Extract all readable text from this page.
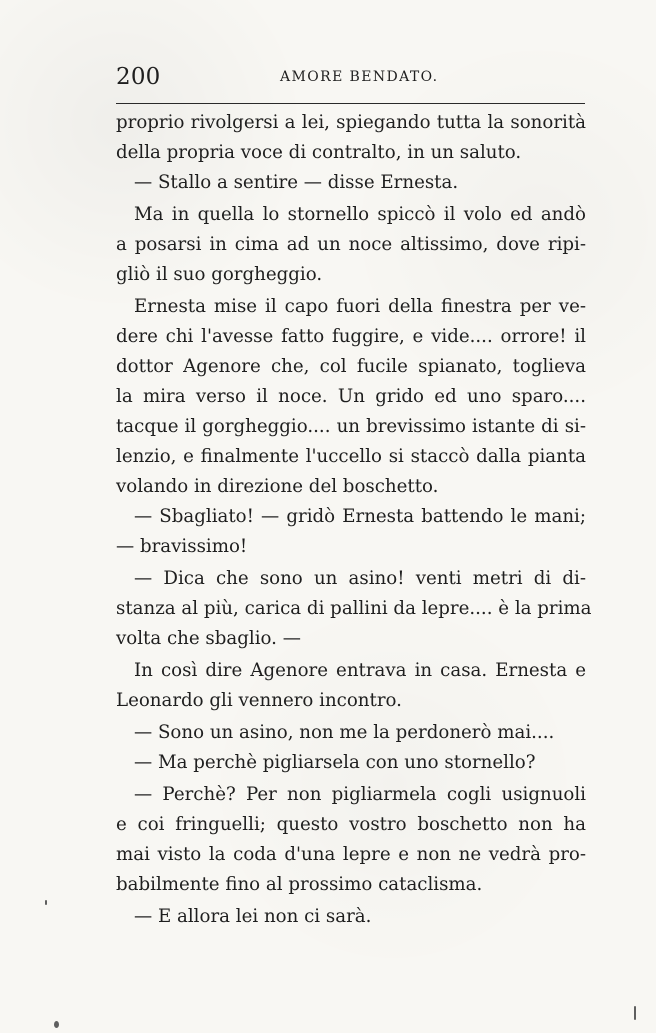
200	AMORE BENDATO.
proprio rivolgersi a lei, spiegando tutta la sonorità
della propria voce di contralto, in un saluto.
— Stallo a sentire — disse Ernesta.
Ma in quella lo stornello spiccò il volo ed andò
a posarsi in cima ad un noce altissimo, dove ripi-
gliò il suo gorgheggio.
Ernesta mise il capo fuori della finestra per ve-
dere chi l'avesse fatto fuggire, e vide.... orrore! il
dottor Agenore che, col fucile spianato, toglieva
la mira verso il noce. Un grido ed uno sparo....
tacque il gorgheggio.... un brevissimo istante di si-
lenzio, e finalmente l'uccello si staccò dalla pianta
volando in direzione del boschetto.
— Sbagliato! — gridò Ernesta battendo le mani;
— bravissimo!
— Dica che sono un asino! venti metri di di-
stanza al più, carica di pallini da lepre.... è la prima
volta che sbaglio. —
In così dire Agenore entrava in casa. Ernesta e
Leonardo gli vennero incontro.
— Sono un asino, non me la perdonerò mai....
— Ma perchè pigliarsela con uno stornello?
— Perchè? Per non pigliarmela cogli usignuoli
e coi fringuelli; questo vostro boschetto non ha
mai visto la coda d'una lepre e non ne vedrà pro-
babilmente fino al prossimo cataclisma.
— E allora lei non ci sarà.
